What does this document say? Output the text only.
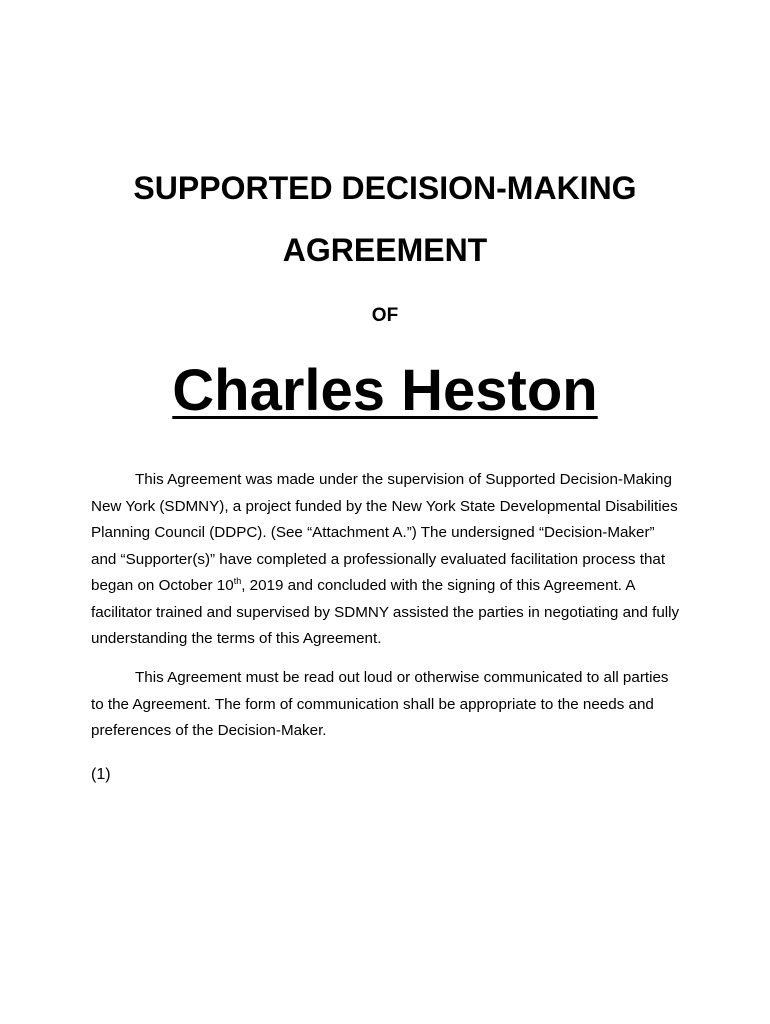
SUPPORTED DECISION-MAKING
AGREEMENT
OF
Charles Heston

This Agreement was made under the supervision of Supported Decision-Making
New York (SDMNY), a project funded by the New York State Developmental Disabilities
Planning Council (DDPC). (See “Attachment A.”) The undersigned “Decision-Maker”
and “Supporter(s)” have completed a professionally evaluated facilitation process that
began on October 10th, 2019 and concluded with the signing of this Agreement. A
facilitator trained and supervised by SDMNY assisted the parties in negotiating and fully
understanding the terms of this Agreement.

This Agreement must be read out loud or otherwise communicated to all parties
to the Agreement. The form of communication shall be appropriate to the needs and
preferences of the Decision-Maker.

(1)
